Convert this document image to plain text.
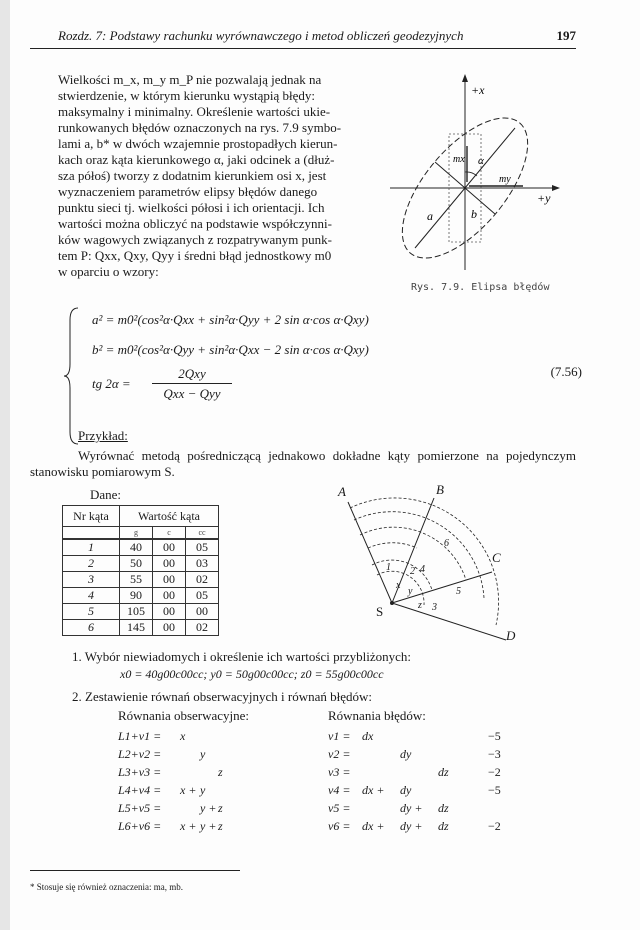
Rozdz. 7: Podstawy rachunku wyrównawczego i metod obliczeń geodezyjnych	197
Wielkości m_x, m_y m_P nie pozwalają jednak na
stwierdzenie, w którym kierunku wystąpią błędy:
maksymalny i minimalny. Określenie wartości ukie-
runkowanych błędów oznaczonych na rys. 7.9 symbo-
lami a, b* w dwóch wzajemnie prostopadłych kierun-
kach oraz kąta kierunkowego α, jaki odcinek a (dłuż-
sza półoś) tworzy z dodatnim kierunkiem osi x, jest
wyznaczeniem parametrów elipsy błędów danego
punktu sieci tj. wielkości półosi i ich orientacji. Ich
wartości można obliczyć na podstawie współczynni-
ków wagowych związanych z rozpatrywanym punk-
tem P: Qxx, Qxy, Qyy i średni błąd jednostkowy m0
w oparciu o wzory:
+x
+y
mx
my
a	b
α
Rys. 7.9. Elipsa błędów
a² = m0²(cos²α·Qxx + sin²α·Qyy + 2 sin α·cos α·Qxy)
b² = m0²(cos²α·Qyy + sin²α·Qxx − 2 sin α·cos α·Qxy)
tg 2α =
2Qxy
Qxx − Qyy
(7.56)
Przykład:

Wyrównać metodą pośredniczącą jednakowo dokładne kąty pomierzone na pojedynczym stanowisku pomiarowym S.

Dane:
Nr kąta	Wartość kąta		
	g	c	cc
1	40	00	05
2	50	00	03
3	55	00	02
4	90	00	05
5	105	00	00
6	145	00	02
A	B
C
D
S
1 2
3
4
5
6
x
y
z
1. Wybór niewiadomych i określenie ich wartości przybliżonych:
x0 = 40g00c00cc; y0 = 50g00c00cc; z0 = 55g00c00cc
2. Zestawienie równań obserwacyjnych i równań błędów:
Równania obserwacyjne:	Równania błędów:
L1+v1 = x	v1 = dx	−5
L2+v2 =	y	v2 =	dy	−3
L3+v3 =	z	v3 =	dz	−2
L4+v4 = x + y	v4 = dx + dy	−5
L5+v5 =	y + z	v5 =	dy + dz
L6+v6 = x + y + z	v6 = dx + dy + dz	−2
* Stosuje się również oznaczenia: ma, mb.
